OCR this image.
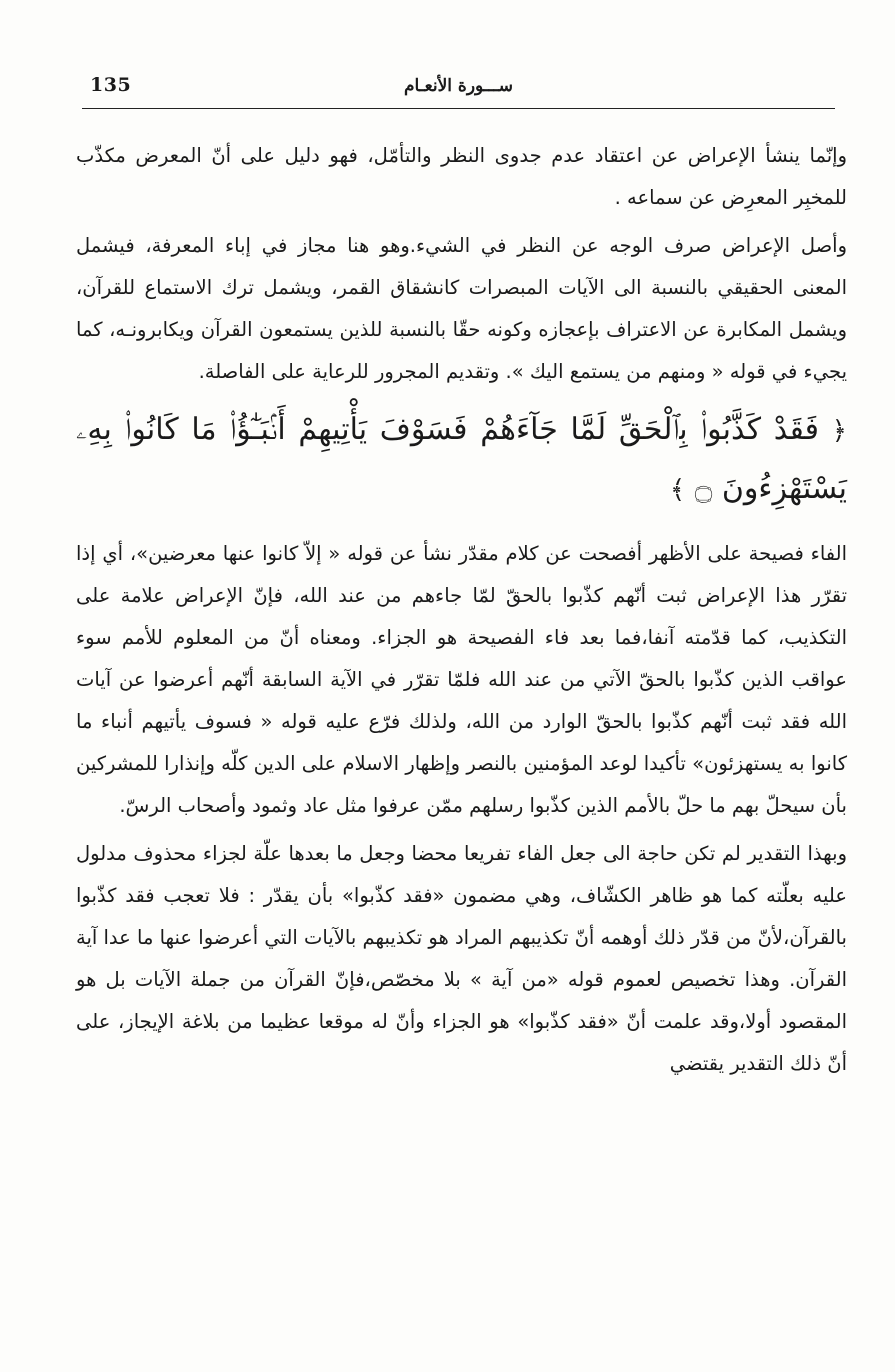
135	ســـورة الأنعـام

وإنّما ينشأ الإعراض عن اعتقاد عدم جدوى النظر والتأمّل، فهو دليل على أنّ المعرض مكذّب للمخبِر المعرِض عن سماعه .

وأصل الإعراض صرف الوجه عن النظر في الشيء.وهو هنا مجاز في إباء المعرفة، فيشمل المعنى الحقيقي بالنسبة الى الآيات المبصرات كانشقاق القمر، ويشمل ترك الاستماع للقرآن، ويشمل المكابرة عن الاعتراف بإعجازه وكونه حقّا بالنسبة للذين يستمعون القرآن ويكابرونـه، كما يجيء في قوله « ومنهم من يستمع اليك ». وتقديم المجرور للرعاية على الفاصلة.

﴿ فَقَدْ كَذَّبُوا۟ بِٱلْحَقِّ لَمَّا جَآءَهُمْ فَسَوْفَ يَأْتِيهِمْ أَنۢبَـٰٓؤُا۟ مَا كَانُوا۟ بِهِۦ يَسْتَهْزِءُونَ ۝ ﴾

الفاء فصيحة على الأظهر أفصحت عن كلام مقدّر نشأ عن قوله « إلاّ كانوا عنها معرضين»، أي إذا تقرّر هذا الإعراض ثبت أنّهم كذّبوا بالحقّ لمّا جاءهم من عند الله، فإنّ الإعراض علامة على التكذيب، كما قدّمته آنفا،فما بعد فاء الفصيحة هو الجزاء. ومعناه أنّ من المعلوم للأمم سوء عواقب الذين كذّبوا بالحقّ الآتي من عند الله فلمّا تقرّر في الآية السابقة أنّهم أعرضوا عن آيات الله فقد ثبت أنّهم كذّبوا بالحقّ الوارد من الله، ولذلك فرّع عليه قوله « فسوف يأتيهم أنباء ما كانوا به يستهزئون» تأكيدا لوعد المؤمنين بالنصر وإظهار الاسلام على الدين كلّه وإنذارا للمشركين بأن سيحلّ بهم ما حلّ بالأمم الذين كذّبوا رسلهم ممّن عرفوا مثل عاد وثمود وأصحاب الرسّ.

وبهذا التقدير لم تكن حاجة الى جعل الفاء تفريعا محضا وجعل ما بعدها علّة لجزاء محذوف مدلول عليه بعلّته كما هو ظاهر الكشّاف، وهي مضمون «فقد كذّبوا» بأن يقدّر : فلا تعجب فقد كذّبوا بالقرآن،لأنّ من قدّر ذلك أوهمه أنّ تكذيبهم المراد هو تكذيبهم بالآيات التي أعرضوا عنها ما عدا آية القرآن. وهذا تخصيص لعموم قوله «من آية » بلا مخصّص،فإنّ القرآن من جملة الآيات بل هو المقصود أولا،وقد علمت أنّ «فقد كذّبوا» هو الجزاء وأنّ له موقعا عظيما من بلاغة الإيجاز، على أنّ ذلك التقدير يقتضي
